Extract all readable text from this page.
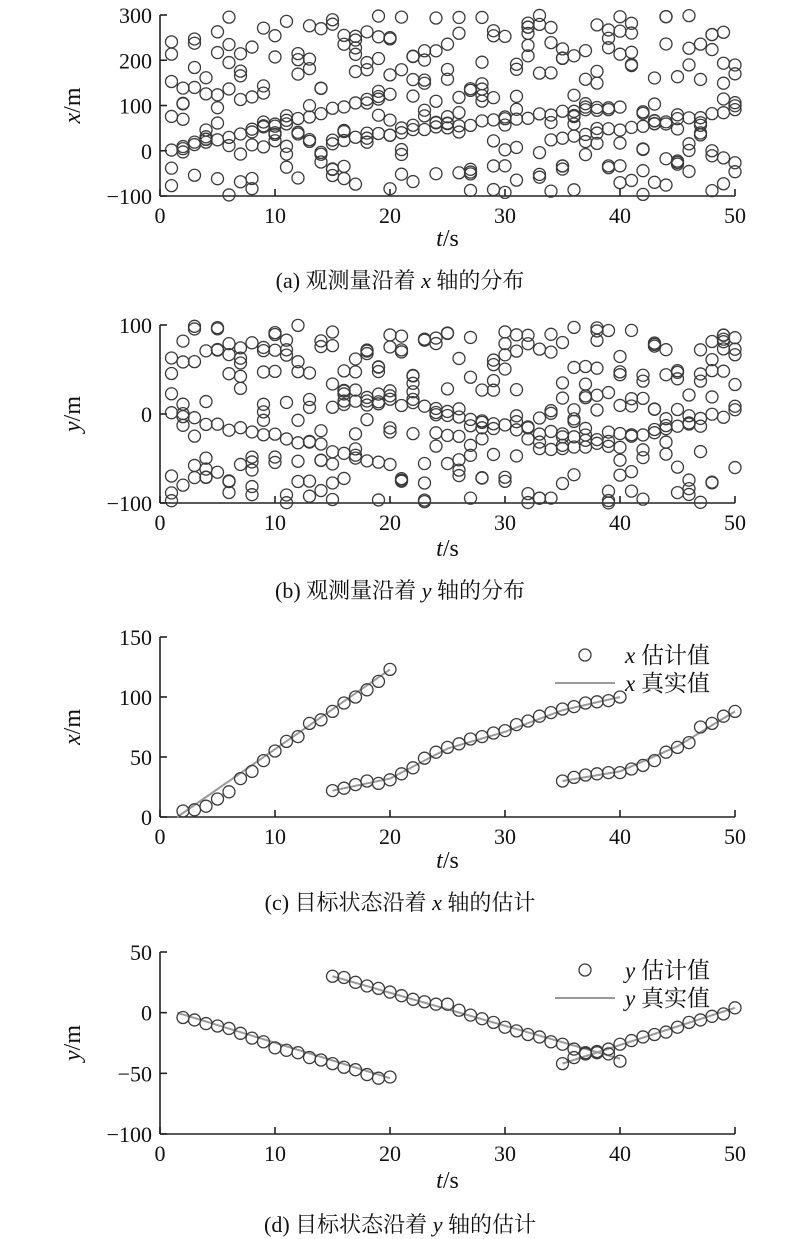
0	10	20	30	40	50
−100
0
100
200
300
t/s
x/m
(a) 观测量沿着 x 轴的分布
0	10	20	30	40	50
−100
0
100
t/s
y/m
(b) 观测量沿着 y 轴的分布
0	10	20	30	40	50
0
50
100
150
t/s
x/m
(c) 目标状态沿着 x 轴的估计
x 估计值
x 真实值
0	10	20	30	40	50
−100
−50
0
50
t/s
y/m
(d) 目标状态沿着 y 轴的估计
y 估计值
y 真实值
